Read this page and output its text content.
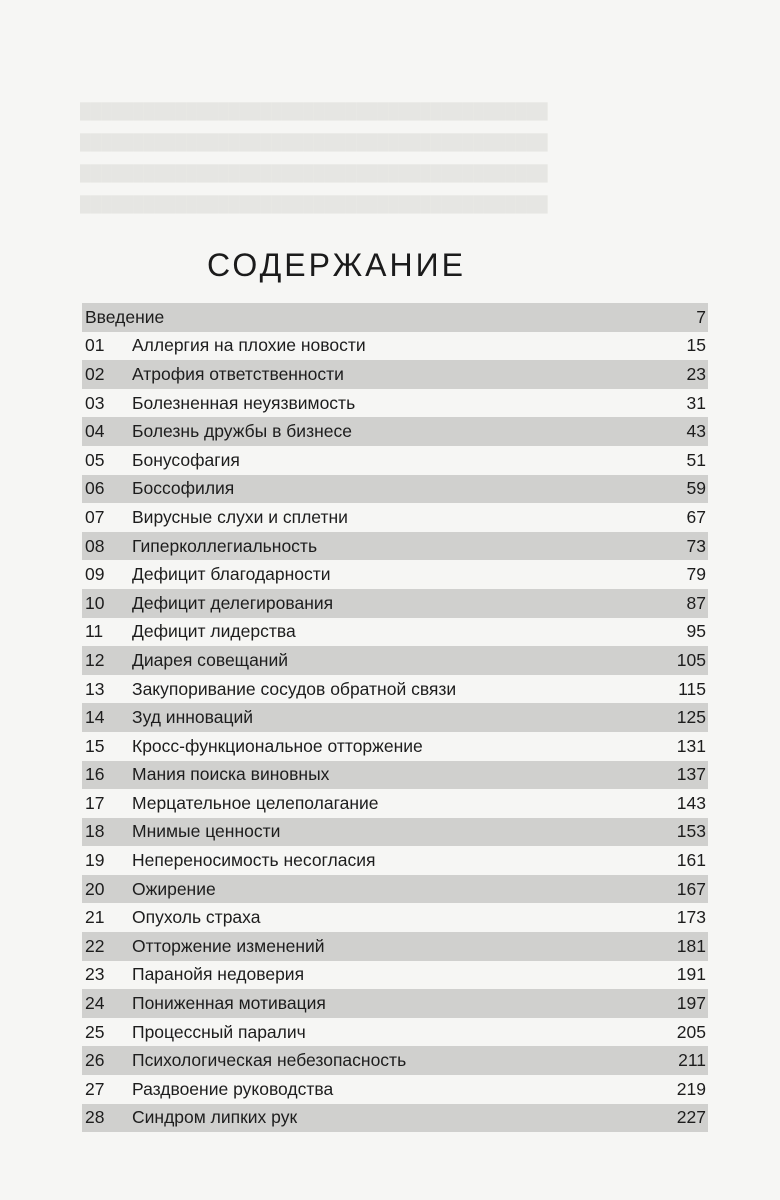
████████████████████████████████████████████
████████████████████████████████████████████
████████████████████████████████████████████
████████████████████████████████████████████
СОДЕРЖАНИЕ
Введение	7
01	Аллергия на плохие новости	15
02	Атрофия ответственности	23
03	Болезненная неуязвимость	31
04	Болезнь дружбы в бизнесе	43
05	Бонусофагия	51
06	Боссофилия	59
07	Вирусные слухи и сплетни	67
08	Гиперколлегиальность	73
09	Дефицит благодарности	79
10	Дефицит делегирования	87
11	Дефицит лидерства	95
12	Диарея совещаний	105
13	Закупоривание сосудов обратной связи	115
14	Зуд инноваций	125
15	Кросс-функциональное отторжение	131
16	Мания поиска виновных	137
17	Мерцательное целеполагание	143
18	Мнимые ценности	153
19	Непереносимость несогласия	161
20	Ожирение	167
21	Опухоль страха	173
22	Отторжение изменений	181
23	Паранойя недоверия	191
24	Пониженная мотивация	197
25	Процессный паралич	205
26	Психологическая небезопасность	211
27	Раздвоение руководства	219
28	Синдром липких рук	227
